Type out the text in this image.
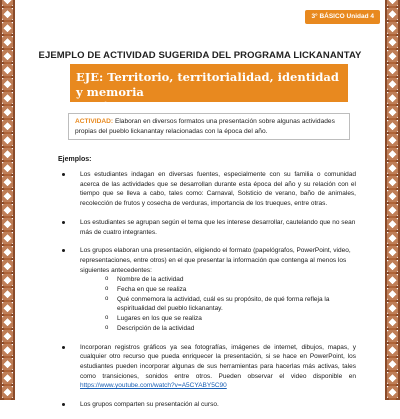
3° BÁSICO Unidad 4
EJEMPLO DE ACTIVIDAD SUGERIDA DEL PROGRAMA LICKANANTAY
EJE: Territorio, territorialidad, identidad y memoria
histórica de los pueblos originarios.
ACTIVIDAD: Elaboran en diversos formatos una presentación sobre algunas actividades propias del pueblo lickanantay relacionadas con la época del año.
Ejemplos:
Los estudiantes indagan en diversas fuentes, especialmente con su familia o comunidad acerca de las actividades que se desarrollan durante esta época del año y su relación con el tiempo que se lleva a cabo, tales como: Carnaval, Solsticio de verano, baño de animales, recolección de frutos y cosecha de verduras, importancia de los trueques, entre otras.
Los estudiantes se agrupan según el tema que les interese desarrollar, cautelando que no sean más de cuatro integrantes.
Los grupos elaboran una presentación, eligiendo el formato (papelógrafos, PowerPoint, video, representaciones, entre otros) en el que presentar la información que contenga al menos los siguientes antecedentes:
o Nombre de la actividad
o Fecha en que se realiza
o Qué conmemora la actividad, cuál es su propósito, de qué forma refleja la espiritualidad del pueblo lickanantay.
o Lugares en los que se realiza
o Descripción de la actividad
Incorporan registros gráficos ya sea fotografías, imágenes de internet, dibujos, mapas, y cualquier otro recurso que pueda enriquecer la presentación, si se hace en PowerPoint, los estudiantes pueden incorporar algunas de sus herramientas para hacerlas más activas, tales como transiciones, sonidos entre otros. Pueden observar el video disponible en https://www.youtube.com/watch?v=A5CYABY5C90
Los grupos comparten su presentación al curso.
